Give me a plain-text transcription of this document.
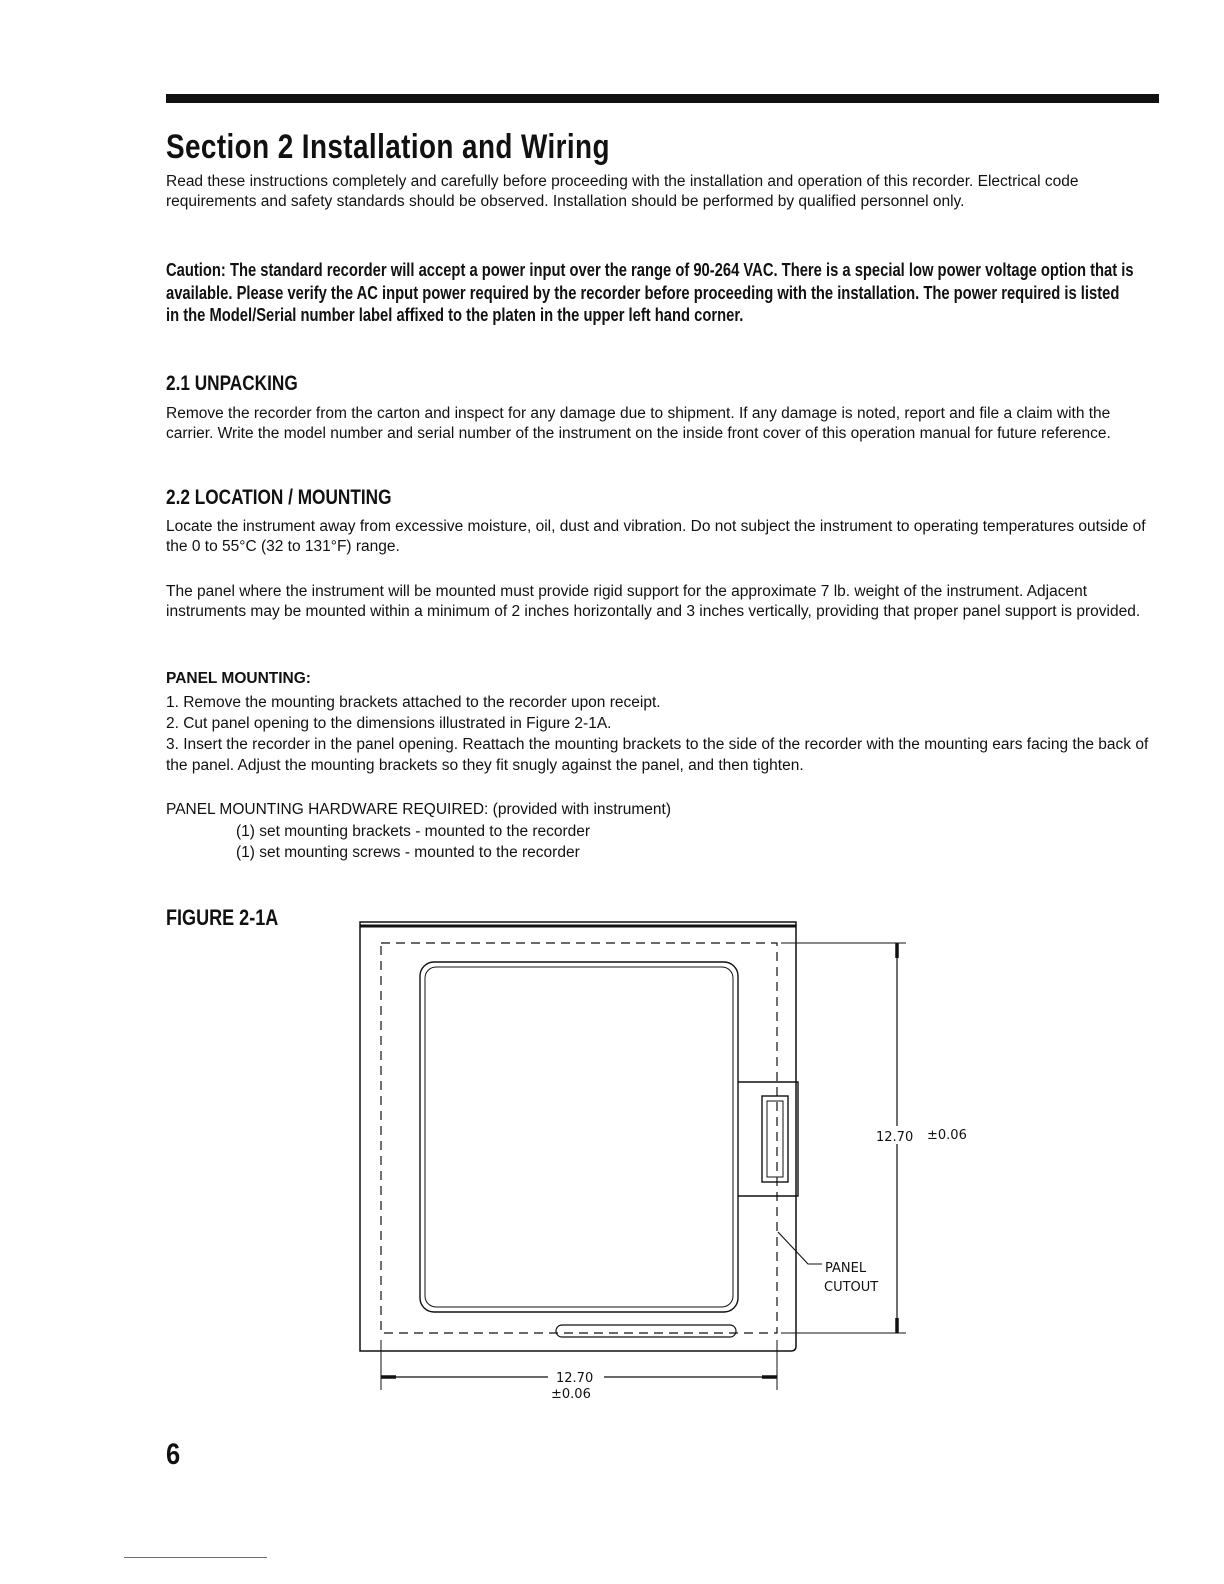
Section 2 Installation and Wiring

Read these instructions completely and carefully before proceeding with the installation and operation of this recorder. Electrical code requirements and safety standards should be observed. Installation should be performed by qualified personnel only.

Caution: The standard recorder will accept a power input over the range of 90-264 VAC. There is a special low power voltage option that is available. Please verify the AC input power required by the recorder before proceeding with the installation. The power required is listed in the Model/Serial number label affixed to the platen in the upper left hand corner.

2.1 UNPACKING

Remove the recorder from the carton and inspect for any damage due to shipment. If any damage is noted, report and file a claim with the carrier. Write the model number and serial number of the instrument on the inside front cover of this operation manual for future reference.

2.2 LOCATION / MOUNTING

Locate the instrument away from excessive moisture, oil, dust and vibration. Do not subject the instrument to operating temperatures outside of the 0 to 55°C (32 to 131°F) range.

The panel where the instrument will be mounted must provide rigid support for the approximate 7 lb. weight of the instrument. Adjacent instruments may be mounted within a minimum of 2 inches horizontally and 3 inches vertically, providing that proper panel support is provided.

PANEL MOUNTING:
1. Remove the mounting brackets attached to the recorder upon receipt.
2. Cut panel opening to the dimensions illustrated in Figure 2-1A.
3. Insert the recorder in the panel opening. Reattach the mounting brackets to the side of the recorder with the mounting ears facing the back of the panel. Adjust the mounting brackets so they fit snugly against the panel, and then tighten.

PANEL MOUNTING HARDWARE REQUIRED: (provided with instrument)

(1) set mounting brackets - mounted to the recorder
(1) set mounting screws - mounted to the recorder
FIGURE 2-1A
12.70 ±0.06
PANEL
CUTOUT
12.70
±0.06
6
